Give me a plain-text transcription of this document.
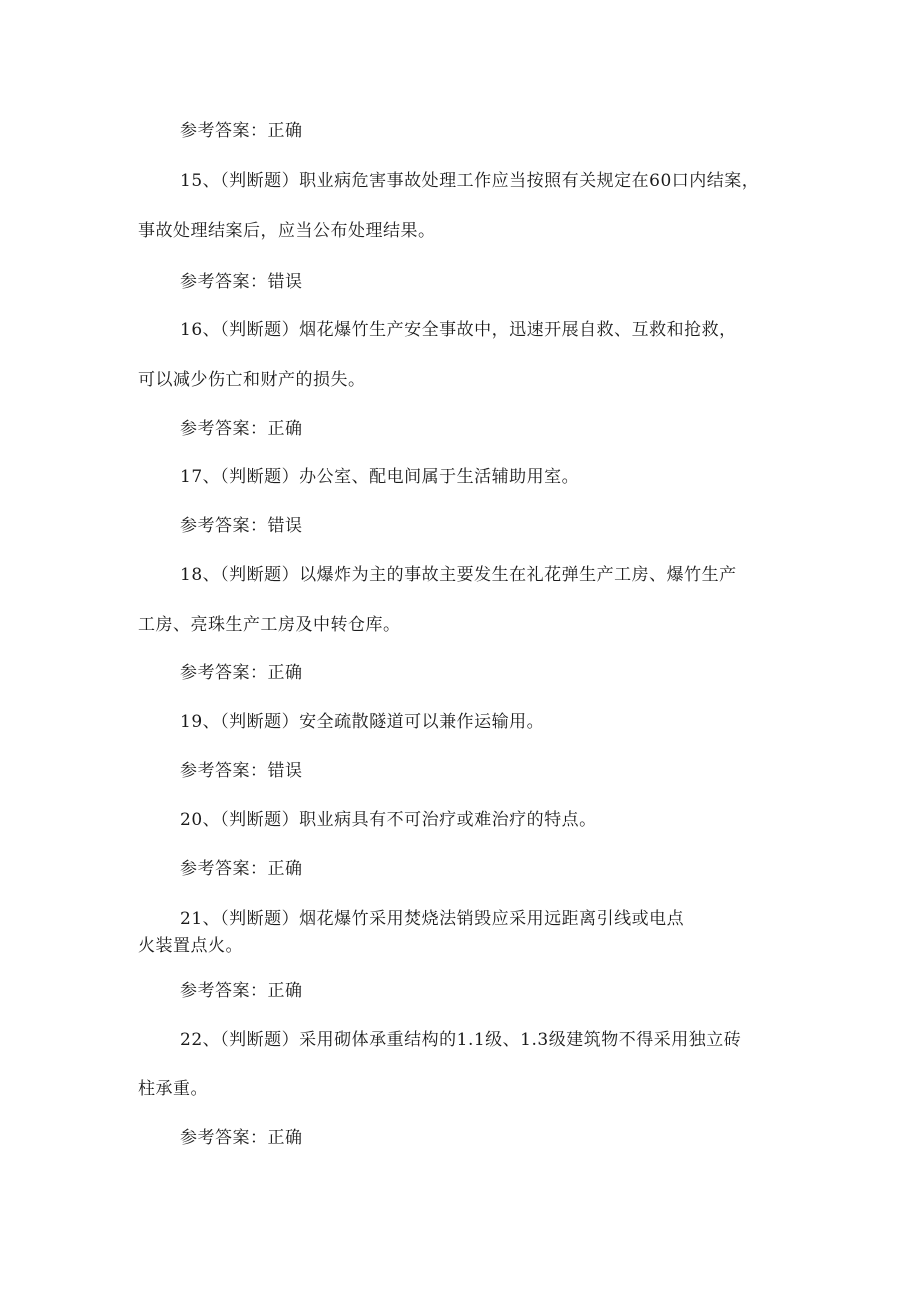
参考答案：正确
15、（判断题）职业病危害事故处理工作应当按照有关规定在60口内结案，
事故处理结案后，应当公布处理结果。
参考答案：错误
16、（判断题）烟花爆竹生产安全事故中，迅速开展自救、互救和抢救，
可以减少伤亡和财产的损失。
参考答案：正确
17、（判断题）办公室、配电间属于生活辅助用室。
参考答案：错误
18、（判断题）以爆炸为主的事故主要发生在礼花弹生产工房、爆竹生产
工房、亮珠生产工房及中转仓库。
参考答案：正确
19、（判断题）安全疏散隧道可以兼作运输用。
参考答案：错误
20、（判断题）职业病具有不可治疗或难治疗的特点。
参考答案：正确
21、（判断题）烟花爆竹采用焚烧法销毁应采用远距离引线或电点
火装置点火。
参考答案：正确
22、（判断题）采用砌体承重结构的1.1级、1.3级建筑物不得采用独立砖
柱承重。
参考答案：正确
